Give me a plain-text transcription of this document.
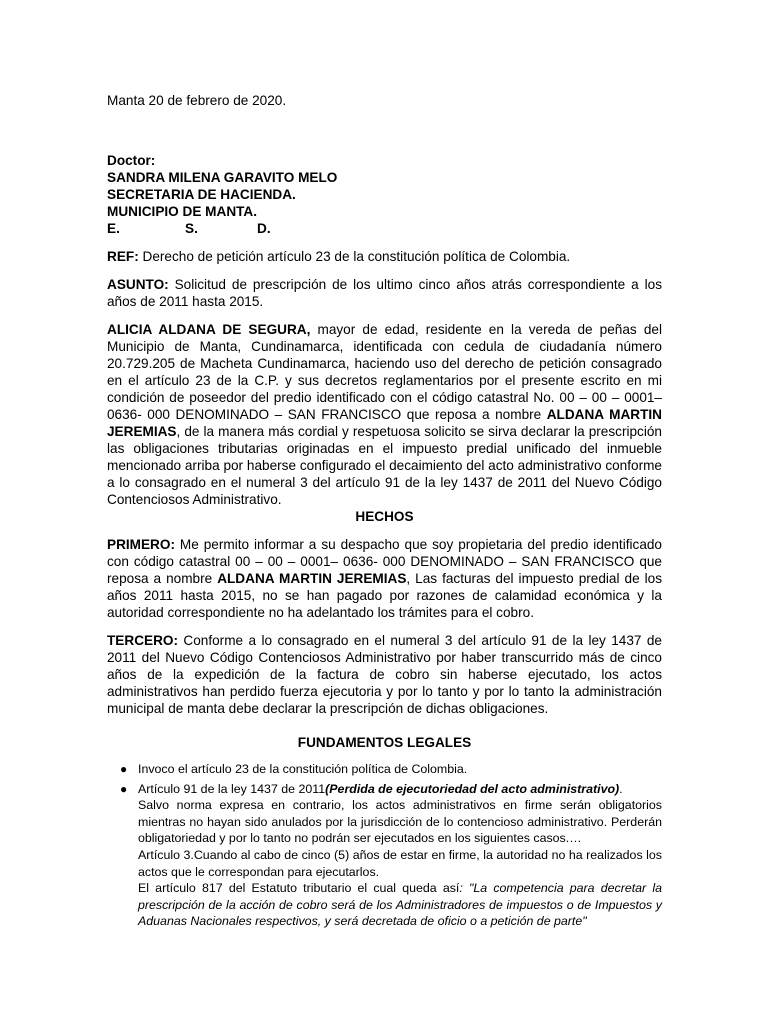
Manta 20 de febrero de 2020.

Doctor:

SANDRA MILENA GARAVITO MELO

SECRETARIA DE HACIENDA.

MUNICIPIO DE MANTA.

E.	S.	D.

REF: Derecho de petición artículo 23 de la constitución política de Colombia.

ASUNTO: Solicitud de prescripción de los ultimo cinco años atrás correspondiente a los años de 2011 hasta 2015.

ALICIA ALDANA DE SEGURA, mayor de edad, residente en la vereda de peñas del Municipio de Manta, Cundinamarca, identificada con cedula de ciudadanía número 20.729.205 de Macheta Cundinamarca, haciendo uso del derecho de petición consagrado en el artículo 23 de la C.P. y sus decretos reglamentarios por el presente escrito en mi condición de poseedor del predio identificado con el código catastral No. 00 – 00 – 0001– 0636- 000 DENOMINADO – SAN FRANCISCO que reposa a nombre ALDANA MARTIN JEREMIAS, de la manera más cordial y respetuosa solicito se sirva declarar la prescripción las obligaciones tributarias originadas en el impuesto predial unificado del inmueble mencionado arriba por haberse configurado el decaimiento del acto administrativo conforme a lo consagrado en el numeral 3 del artículo 91 de la ley 1437 de 2011 del Nuevo Código Contenciosos Administrativo.

HECHOS

PRIMERO: Me permito informar a su despacho que soy propietaria del predio identificado con código catastral 00 – 00 – 0001– 0636- 000 DENOMINADO – SAN FRANCISCO que reposa a nombre ALDANA MARTIN JEREMIAS, Las facturas del impuesto predial de los años 2011 hasta 2015, no se han pagado por razones de calamidad económica y la autoridad correspondiente no ha adelantado los trámites para el cobro.

TERCERO: Conforme a lo consagrado en el numeral 3 del artículo 91 de la ley 1437 de 2011 del Nuevo Código Contenciosos Administrativo por haber transcurrido más de cinco años de la expedición de la factura de cobro sin haberse ejecutado, los actos administrativos han perdido fuerza ejecutoria y por lo tanto y por lo tanto la administración municipal de manta debe declarar la prescripción de dichas obligaciones.

FUNDAMENTOS LEGALES

● Invoco el artículo 23 de la constitución política de Colombia.
● Artículo 91 de la ley 1437 de 2011(Perdida de ejecutoriedad del acto administrativo).
Salvo norma expresa en contrario, los actos administrativos en firme serán obligatorios mientras no hayan sido anulados por la jurisdicción de lo contencioso administrativo. Perderán obligatoriedad y por lo tanto no podrán ser ejecutados en los siguientes casos.…
Artículo 3.Cuando al cabo de cinco (5) años de estar en firme, la autoridad no ha realizados los actos que le correspondan para ejecutarlos.
El artículo 817 del Estatuto tributario el cual queda así: "La competencia para decretar la prescripción de la acción de cobro será de los Administradores de impuestos o de Impuestos y Aduanas Nacionales respectivos, y será decretada de oficio o a petición de parte"
